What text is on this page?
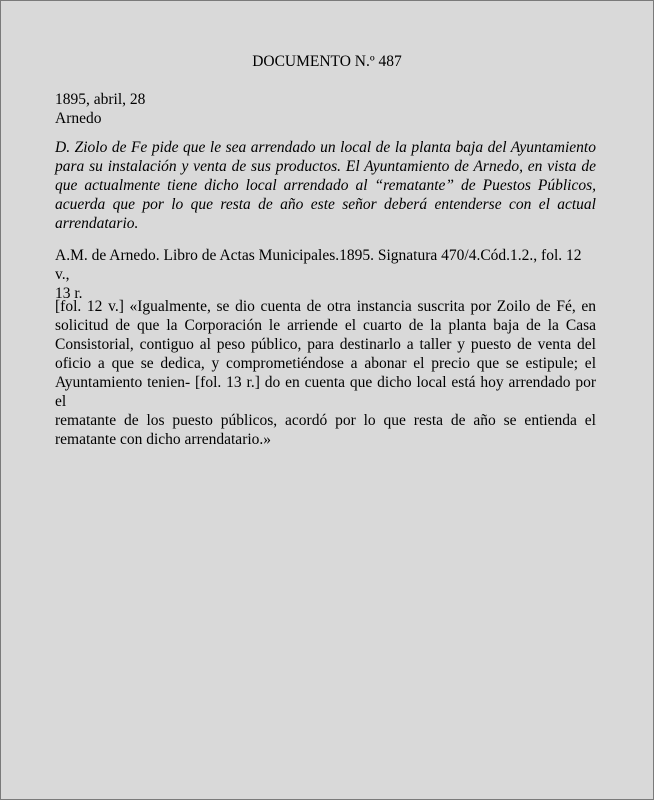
DOCUMENTO N.º 487
1895, abril, 28
Arnedo
D. Ziolo de Fe pide que le sea arrendado un local de la planta baja del Ayuntamiento
para su instalación y venta de sus productos. El Ayuntamiento de Arnedo, en vista de
que actualmente tiene dicho local arrendado al “rematante” de Puestos Públicos,
acuerda que por lo que resta de año este señor deberá entenderse con el actual
arrendatario.
A.M. de Arnedo. Libro de Actas Municipales.1895. Signatura 470/4.Cód.1.2., fol. 12 v.,
13 r.
[fol. 12 v.] «Igualmente, se dio cuenta de otra instancia suscrita por Zoilo de Fé, en
solicitud de que la Corporación le arriende el cuarto de la planta baja de la Casa
Consistorial, contiguo al peso público, para destinarlo a taller y puesto de venta del
oficio a que se dedica, y comprometiéndose a abonar el precio que se estipule; el
Ayuntamiento tenien- [fol. 13 r.] do en cuenta que dicho local está hoy arrendado por el
rematante de los puesto públicos, acordó por lo que resta de año se entienda el
rematante con dicho arrendatario.»
